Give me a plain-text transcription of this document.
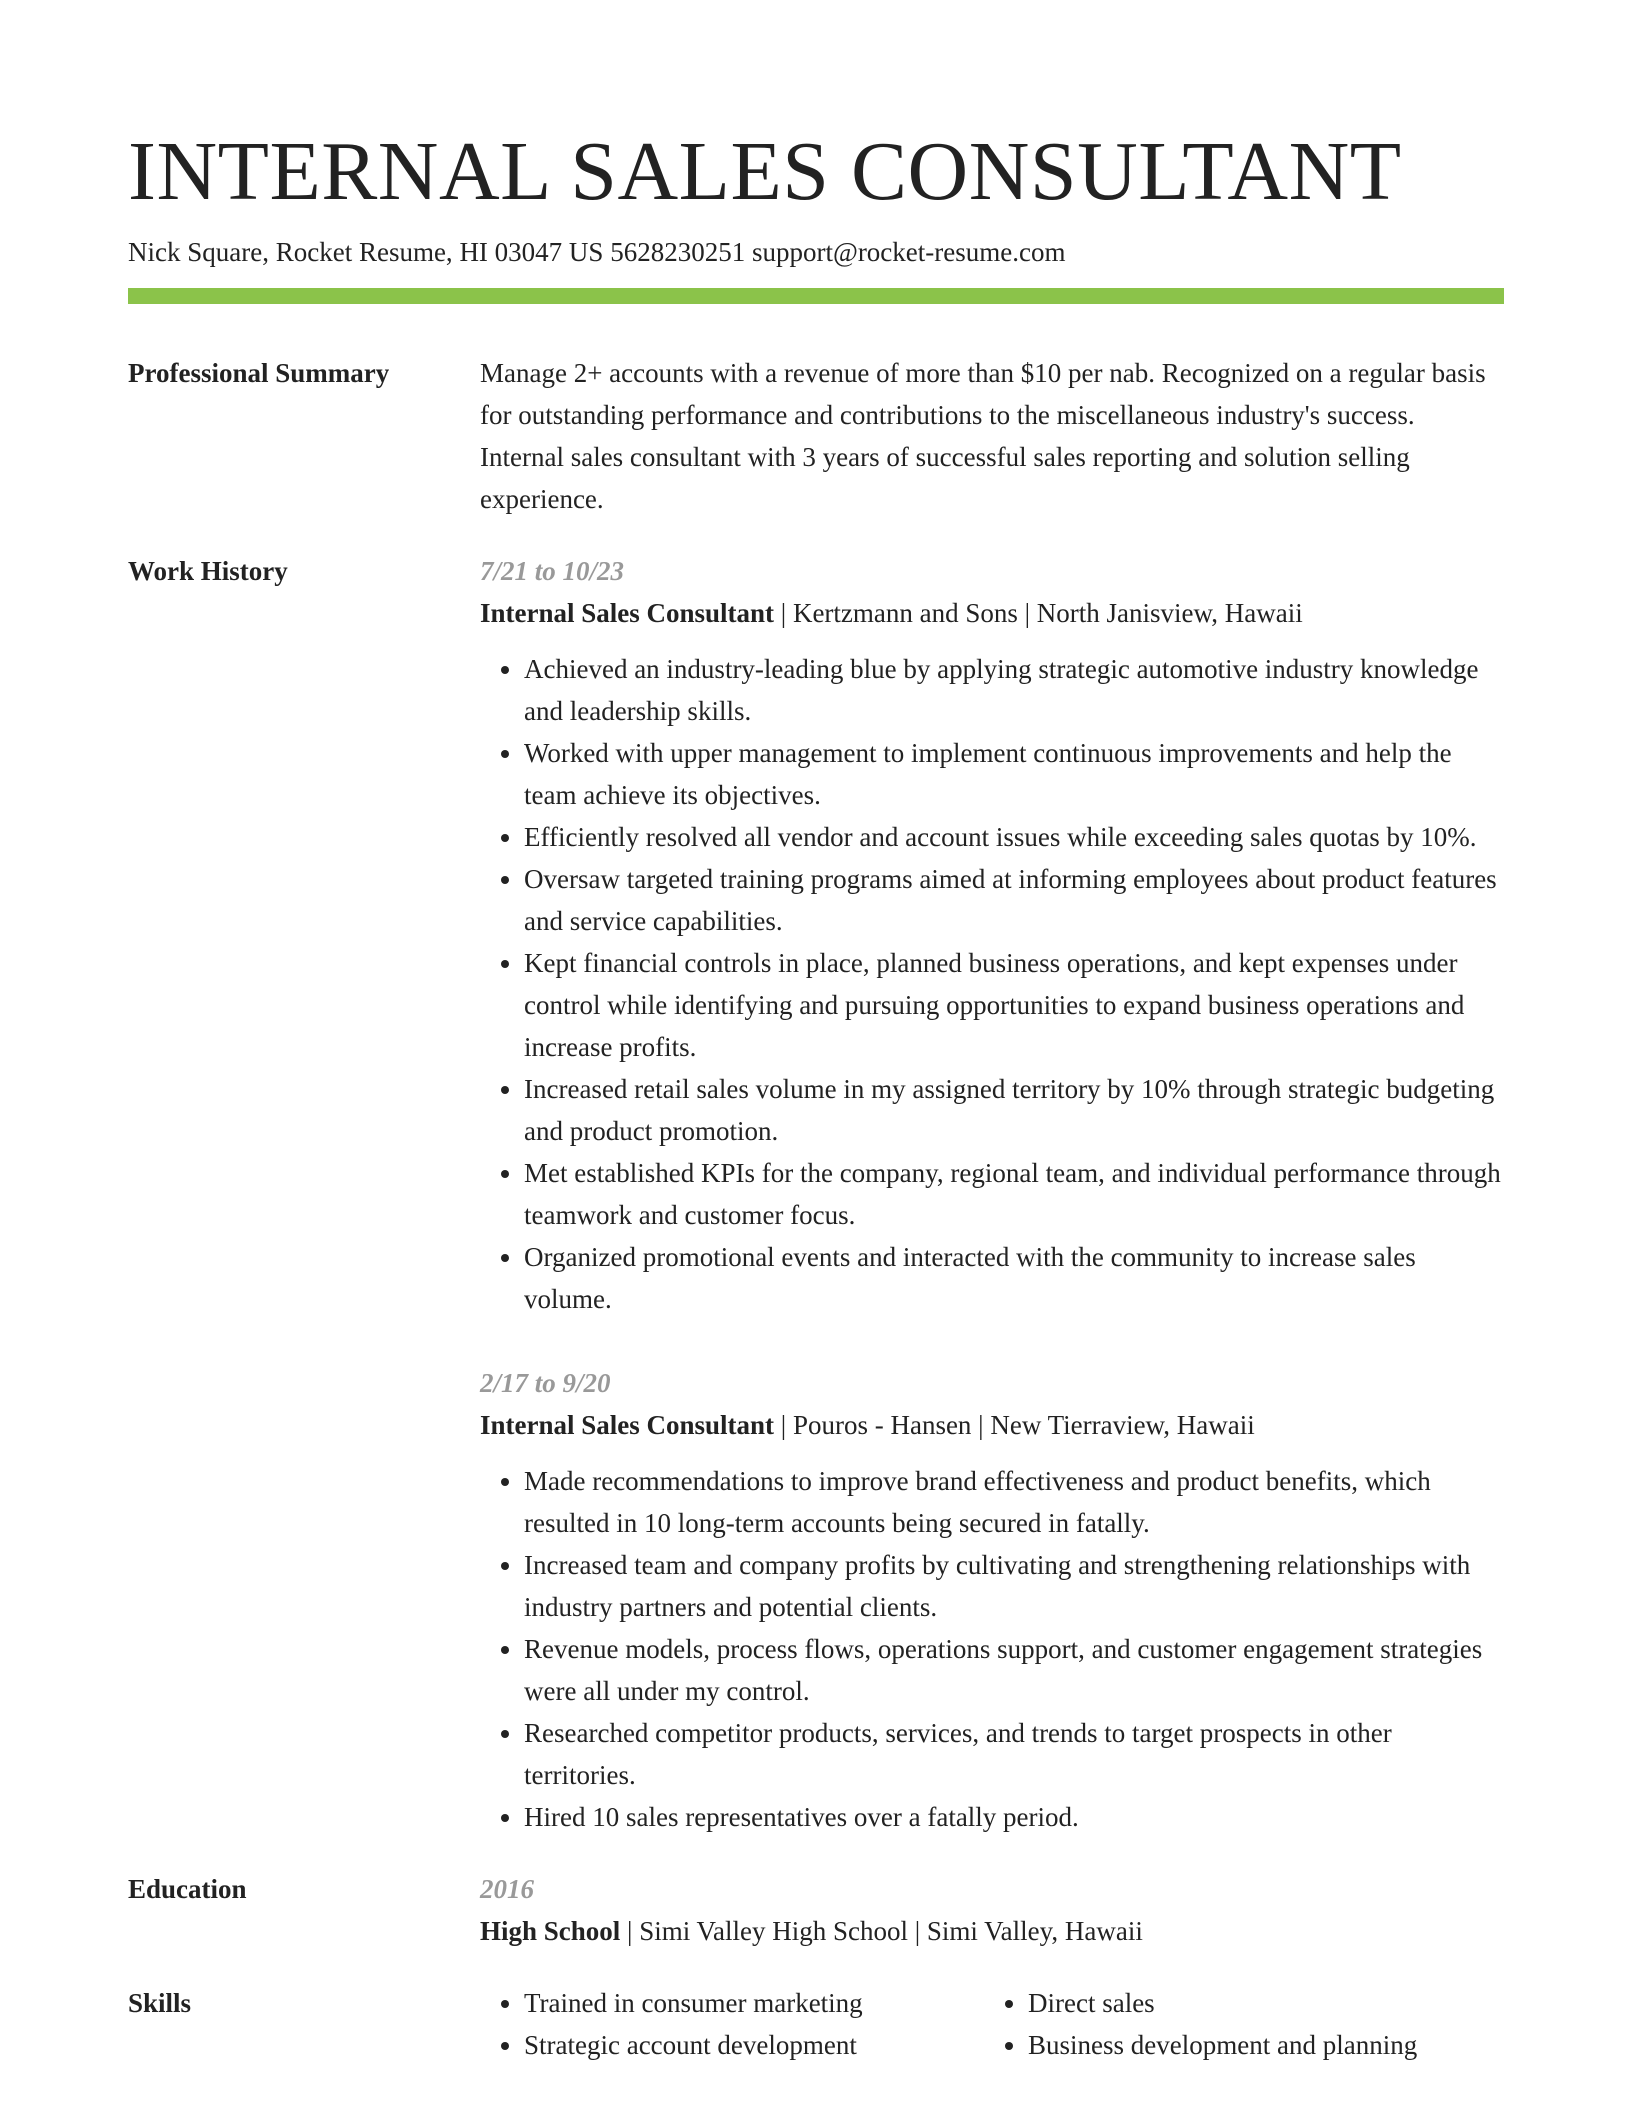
INTERNAL SALES CONSULTANT
Nick Square, Rocket Resume, HI 03047 US 5628230251 support@rocket-resume.com
Professional Summary	Manage 2+ accounts with a revenue of more than $10 per nab. Recognized on a regular basis for outstanding performance and contributions to the miscellaneous industry's success. Internal sales consultant with 3 years of successful sales reporting and solution selling experience.
Work History	7/21 to 10/23
Internal Sales Consultant | Kertzmann and Sons | North Janisview, Hawaii
• Achieved an industry-leading blue by applying strategic automotive industry knowledge and leadership skills.
• Worked with upper management to implement continuous improvements and help the team achieve its objectives.
• Efficiently resolved all vendor and account issues while exceeding sales quotas by 10%.
• Oversaw targeted training programs aimed at informing employees about product features and service capabilities.
• Kept financial controls in place, planned business operations, and kept expenses under control while identifying and pursuing opportunities to expand business operations and increase profits.
• Increased retail sales volume in my assigned territory by 10% through strategic budgeting and product promotion.
• Met established KPIs for the company, regional team, and individual performance through teamwork and customer focus.
• Organized promotional events and interacted with the community to increase sales volume.
2/17 to 9/20
Internal Sales Consultant | Pouros - Hansen | New Tierraview, Hawaii
• Made recommendations to improve brand effectiveness and product benefits, which resulted in 10 long-term accounts being secured in fatally.
• Increased team and company profits by cultivating and strengthening relationships with industry partners and potential clients.
• Revenue models, process flows, operations support, and customer engagement strategies were all under my control.
• Researched competitor products, services, and trends to target prospects in other territories.
• Hired 10 sales representatives over a fatally period.
Education	2016
High School | Simi Valley High School | Simi Valley, Hawaii
Skills
•	Trained in consumer marketing
• Strategic account development
• Direct sales
• Business development and planning
